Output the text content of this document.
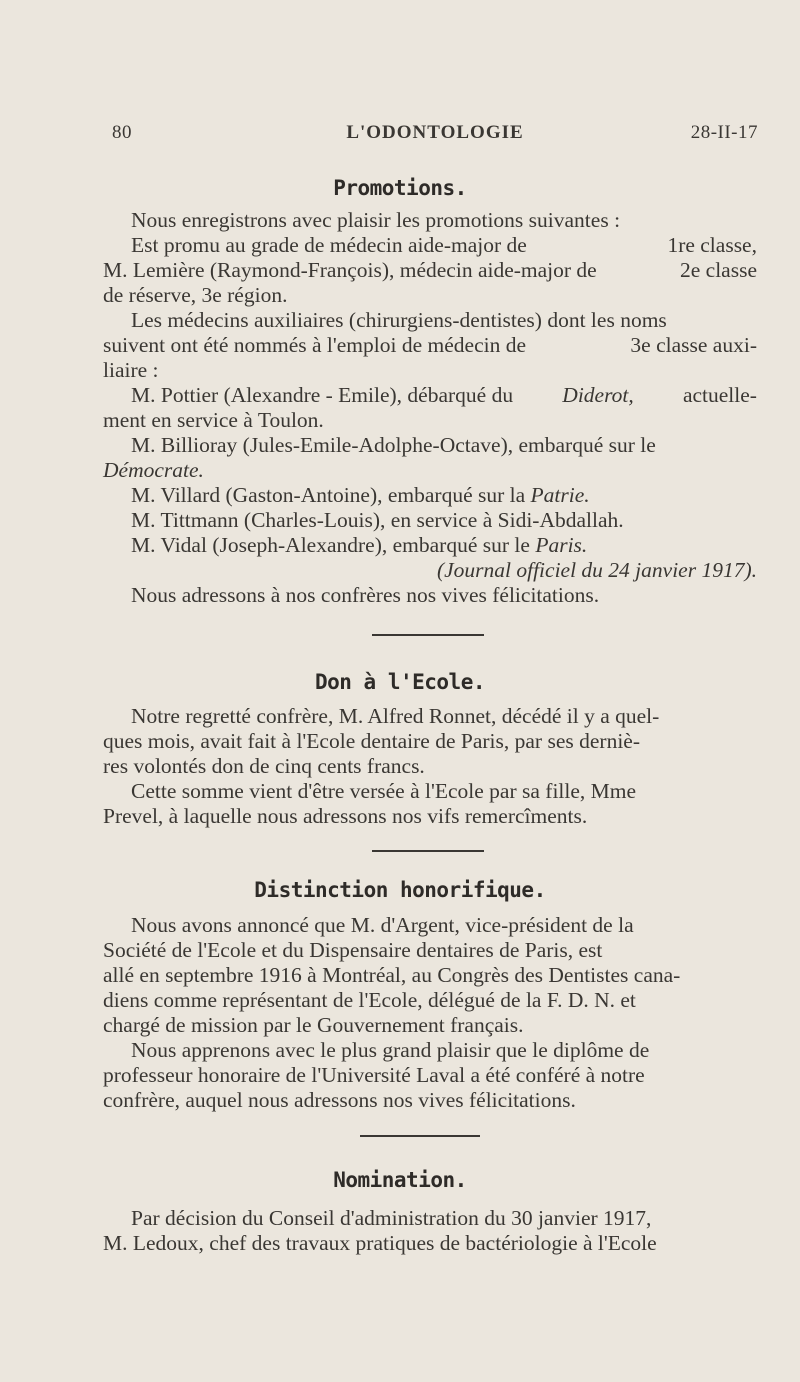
80	L'ODONTOLOGIE	28-II-17
Promotions.
Nous enregistrons avec plaisir les promotions suivantes :
Est promu au grade de médecin aide-major de
	1re classe,
M. Lemière (Raymond-François), médecin aide-major de
	2e classe
de réserve,
3e région.
Les médecins auxiliaires (chirurgiens-dentistes) dont les noms
suivent ont été nommés à l'emploi de médecin de
	3e classe auxi-
liaire :
M. Pottier (Alexandre - Emile), débarqué du
Diderot,
actuelle-
ment en service à Toulon.
M. Billioray (Jules-Emile-Adolphe-Octave), embarqué sur le
Démocrate.
M. Villard (Gaston-Antoine), embarqué sur la
Patrie.
M. Tittmann (Charles-Louis), en service à Sidi-Abdallah.
M. Vidal (Joseph-Alexandre), embarqué sur le
Paris.
(Journal officiel du 24 janvier 1917).
Nous adressons à nos confrères nos vives félicitations.
Don à l'Ecole.
Notre regretté confrère, M. Alfred Ronnet, décédé il y a quel-
ques mois, avait fait à l'Ecole dentaire de Paris, par ses derniè-
res volontés don de cinq cents francs.
Cette somme vient d'être versée à l'Ecole par sa fille, Mme
Prevel, à laquelle nous adressons nos vifs remercîments.
Distinction honorifique.
Nous avons annoncé que M. d'Argent, vice-président de la
Société de l'Ecole et du Dispensaire dentaires de Paris, est
allé en septembre 1916 à Montréal, au Congrès des Dentistes cana-
diens comme représentant de l'Ecole, délégué de la F. D. N. et
chargé de mission par le Gouvernement français.
Nous apprenons avec le plus grand plaisir que le diplôme de
professeur honoraire de l'Université Laval a été conféré à notre
confrère, auquel nous adressons nos vives félicitations.
Nomination.
Par décision du Conseil d'administration du 30 janvier 1917,
M. Ledoux, chef des travaux pratiques de bactériologie à l'Ecole
